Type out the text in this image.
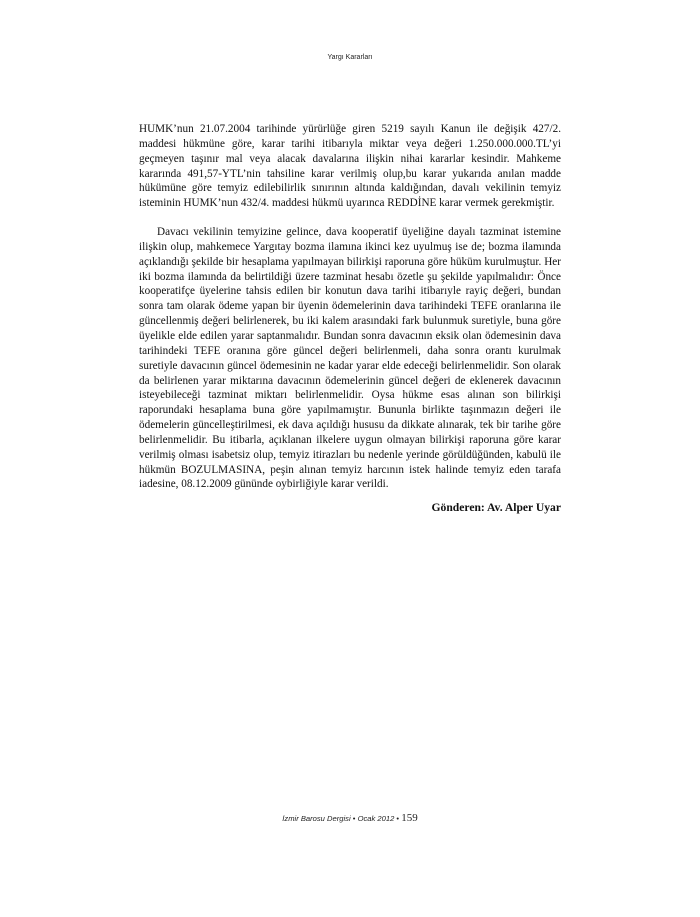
Yargı Kararları

HUMK’nun 21.07.2004 tarihinde yürürlüğe giren 5219 sayılı Kanun ile değişik 427/2. maddesi hükmüne göre, karar tarihi itibarıyla miktar veya değeri 1.250.000.000.TL’yi geçmeyen taşınır mal veya alacak davalarına ilişkin nihai kararlar kesindir. Mahkeme kararında 491,57-YTL’nin tahsiline karar verilmiş olup,bu karar yukarıda anılan madde hükümüne göre temyiz edilebilirlik sınırının altında kaldığından, davalı vekilinin temyiz isteminin HUMK’nun 432/4. maddesi hükmü uyarınca REDDİNE karar vermek gerekmiştir.

Davacı vekilinin temyizine gelince, dava kooperatif üyeliğine dayalı tazminat istemine ilişkin olup, mahkemece Yargıtay bozma ilamına ikinci kez uyulmuş ise de; bozma ilamında açıklandığı şekilde bir hesaplama yapılmayan bilirkişi raporuna göre hüküm kurulmuştur. Her iki bozma ilamında da belirtildiği üzere tazminat hesabı özetle şu şekilde yapılmalıdır: Önce kooperatifçe üyelerine tahsis edilen bir konutun dava tarihi itibarıyle rayiç değeri, bundan sonra tam olarak ödeme yapan bir üyenin ödemelerinin dava tarihindeki TEFE oranlarına ile güncellenmiş değeri belirlenerek, bu iki kalem arasındaki fark bulunmuk suretiyle, buna göre üyelikle elde edilen yarar saptanmalıdır. Bundan sonra davacının eksik olan ödemesinin dava tarihindeki TEFE oranına göre güncel değeri belirlenmeli, daha sonra orantı kurulmak suretiyle davacının güncel ödemesinin ne kadar yarar elde edeceği belirlenmelidir. Son olarak da belirlenen yarar miktarına davacının ödemelerinin güncel değeri de eklenerek davacının isteyebileceği tazminat miktarı belirlenmelidir. Oysa hükme esas alınan son bilirkişi raporundaki hesaplama buna göre yapılmamıştır. Bununla birlikte taşınmazın değeri ile ödemelerin güncelleştirilmesi, ek dava açıldığı hususu da dikkate alınarak, tek bir tarihe göre belirlenmelidir. Bu itibarla, açıklanan ilkelere uygun olmayan bilirkişi raporuna göre karar verilmiş olması isabetsiz olup, temyiz itirazları bu nedenle yerinde görüldüğünden, kabulü ile hükmün BOZULMASINA, peşin alınan temyiz harcının istek halinde temyiz eden tarafa iadesine, 08.12.2009 gününde oybirliğiyle karar verildi.

Gönderen: Av. Alper Uyar
İzmir Barosu Dergisi • Ocak 2012 • 159
